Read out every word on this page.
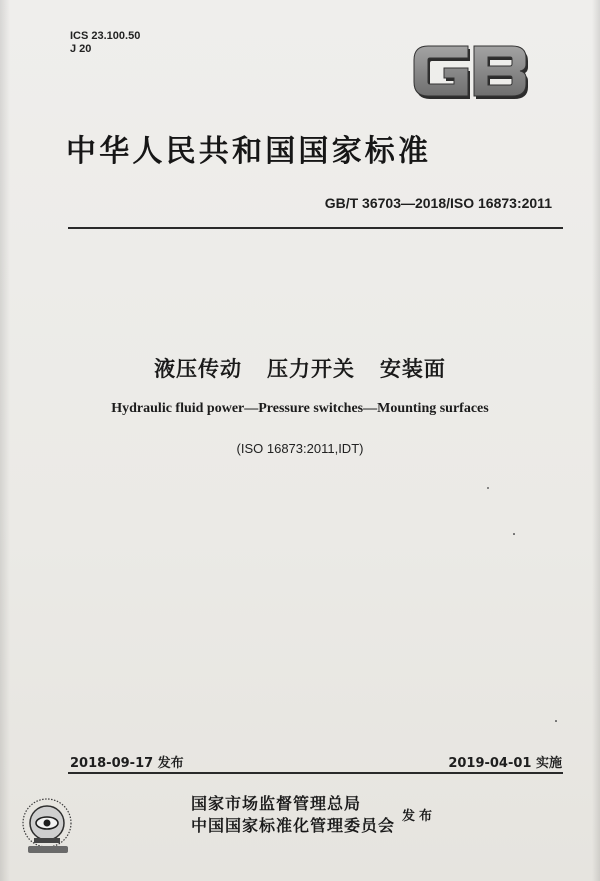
ICS 23.100.50
J 20
中华人民共和国国家标准
GB/T 36703—2018/ISO 16873:2011
液压传动   压力开关   安装面
Hydraulic fluid power—Pressure switches—Mounting surfaces
(ISO 16873:2011,IDT)
2018-09-17 发布	2019-04-01 实施
国家市场监督管理总局
中国国家标准化管理委员会 发布
